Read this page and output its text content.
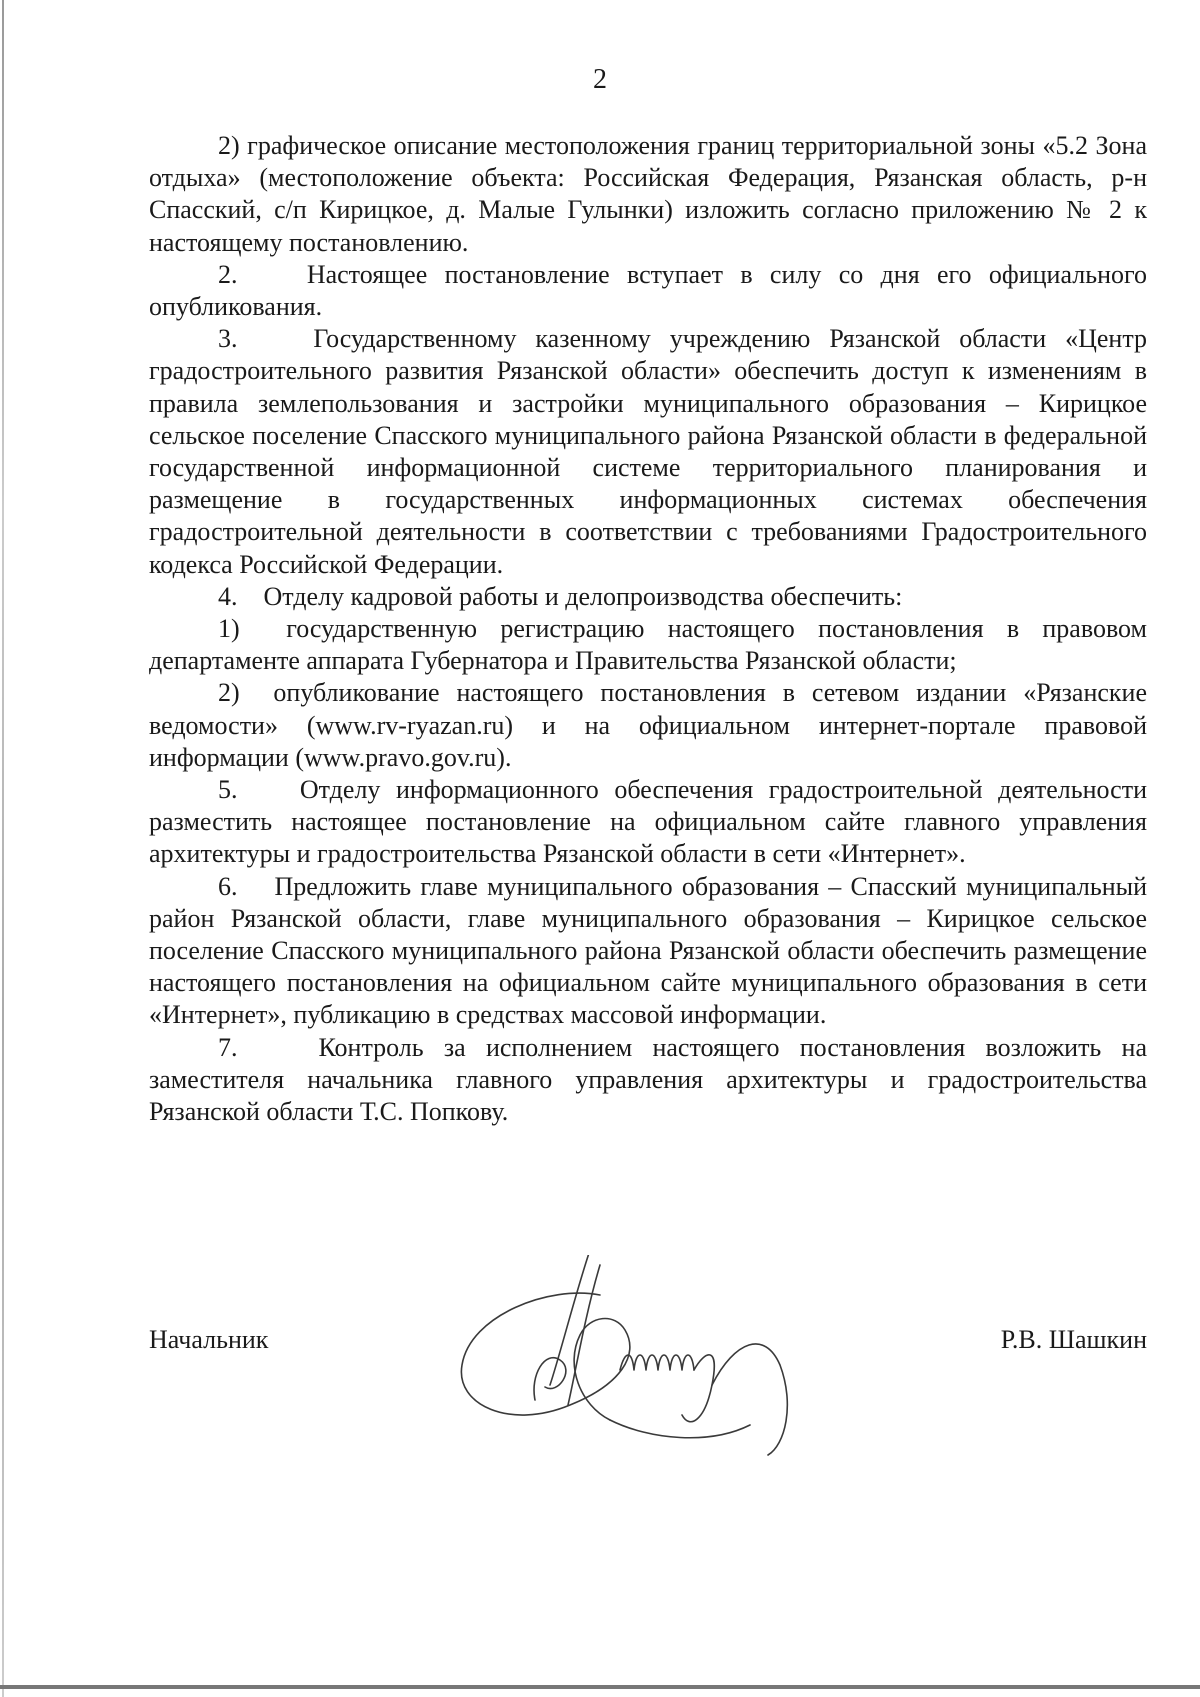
2

2) графическое описание местоположения границ территориальной зоны «5.2 Зона отдыха» (местоположение объекта: Российская Федерация, Рязанская область, р-н Спасский, с/п Кирицкое, д. Малые Гулынки) изложить согласно приложению № 2 к настоящему постановлению.

2.    Настоящее постановление вступает в силу со дня его официального опубликования.

3.    Государственному казенному учреждению Рязанской области «Центр градостроительного развития Рязанской области» обеспечить доступ к изменениям в правила землепользования и застройки муниципального образования – Кирицкое сельское поселение Спасского муниципального района Рязанской области в федеральной государственной информационной системе территориального планирования и размещение в государственных информационных системах обеспечения градостроительной деятельности в соответствии с требованиями Градостроительного кодекса Российской Федерации.

4.    Отделу кадровой работы и делопроизводства обеспечить:

1)  государственную регистрацию настоящего постановления в правовом департаменте аппарата Губернатора и Правительства Рязанской области;

2)  опубликование настоящего постановления в сетевом издании «Рязанские ведомости» (www.rv-ryazan.ru) и на официальном интернет-портале правовой информации (www.pravo.gov.ru).

5.    Отделу информационного обеспечения градостроительной деятельности разместить настоящее постановление на официальном сайте главного управления архитектуры и градостроительства Рязанской области в сети «Интернет».

6.    Предложить главе муниципального образования – Спасский муниципальный район Рязанской области, главе муниципального образования – Кирицкое сельское поселение Спасского муниципального района Рязанской области обеспечить размещение настоящего постановления на официальном сайте муниципального образования в сети «Интернет», публикацию в средствах массовой информации.

7.    Контроль за исполнением настоящего постановления возложить на заместителя начальника главного управления архитектуры и градостроительства Рязанской области Т.С. Попкову.

Начальник	Р.В. Шашкин
